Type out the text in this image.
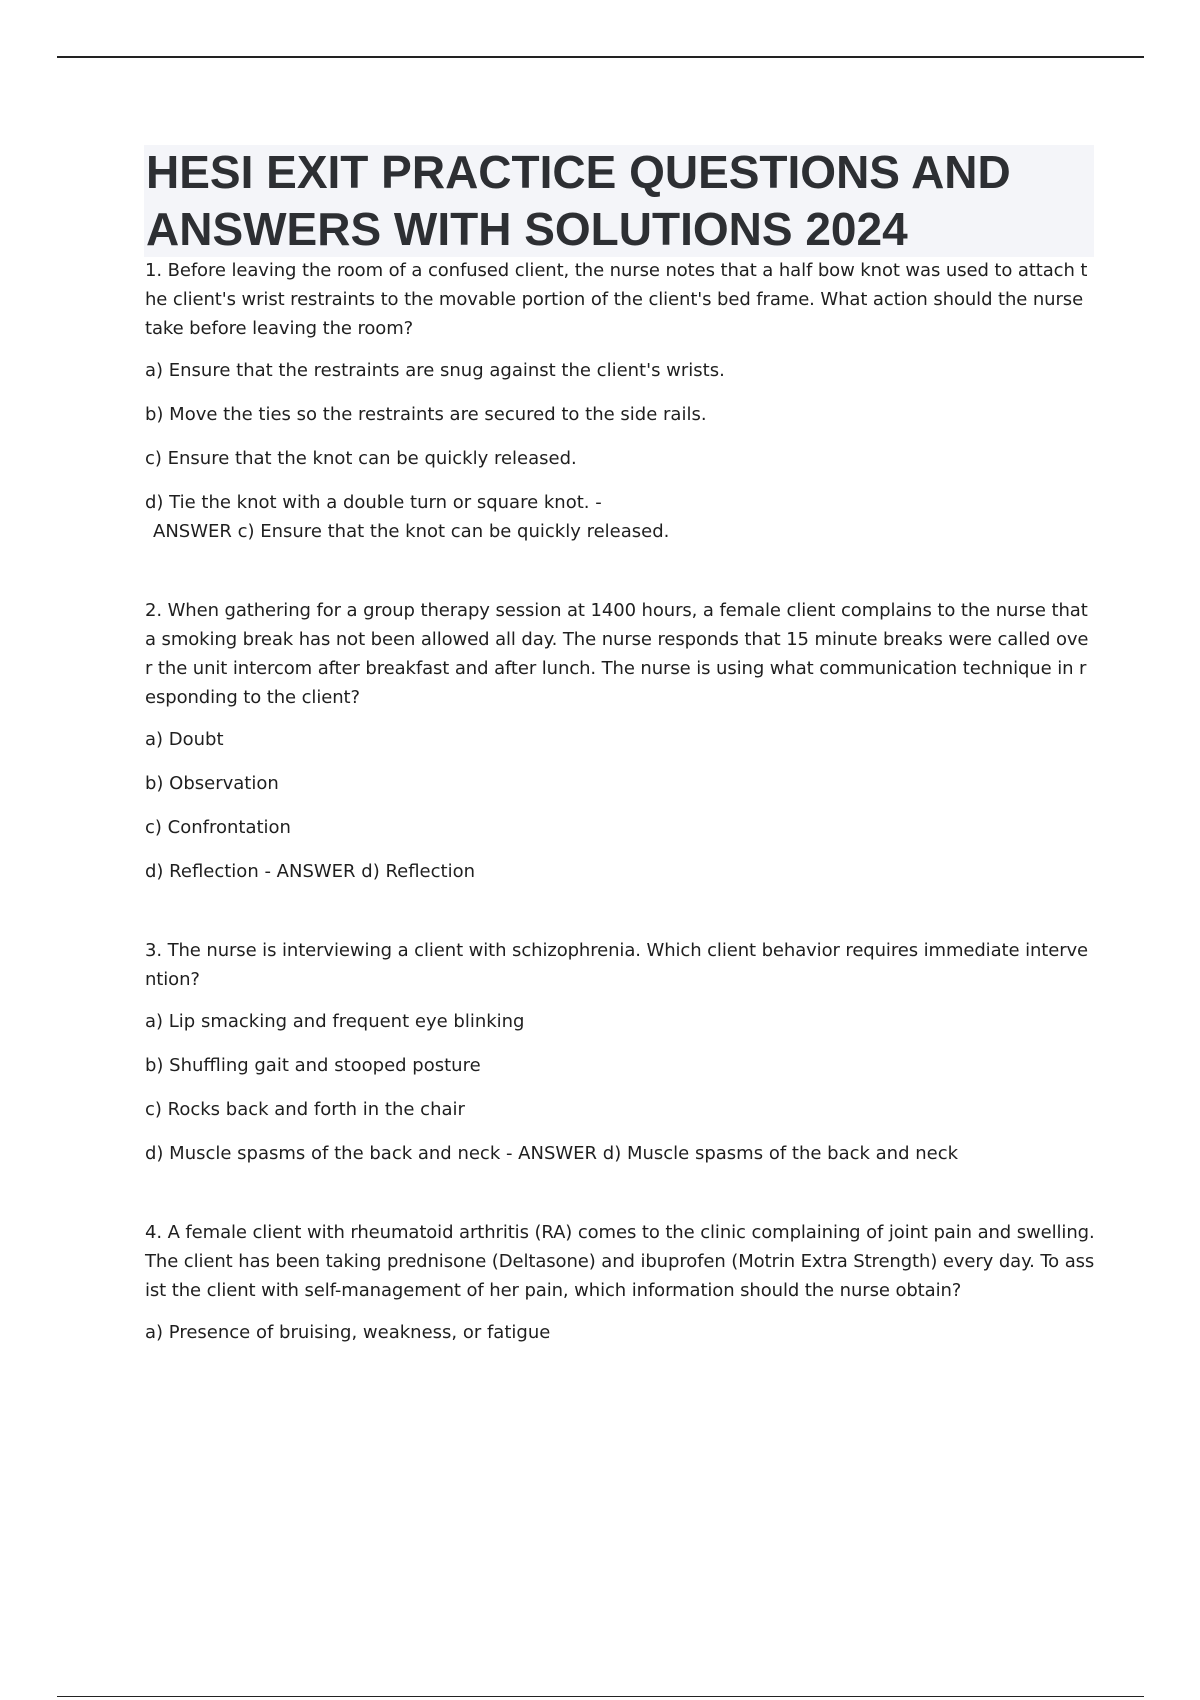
HESI EXIT PRACTICE QUESTIONS AND ANSWERS WITH SOLUTIONS 2024

1. Before leaving the room of a confused client, the nurse notes that a half bow knot was used to attach the client's wrist restraints to the movable portion of the client's bed frame. What action should the nurse take before leaving the room?

a) Ensure that the restraints are snug against the client's wrists.

b) Move the ties so the restraints are secured to the side rails.

c) Ensure that the knot can be quickly released.

d) Tie the knot with a double turn or square knot. -

ANSWER c) Ensure that the knot can be quickly released.

2. When gathering for a group therapy session at 1400 hours, a female client complains to the nurse that a smoking break has not been allowed all day. The nurse responds that 15 minute breaks were called over the unit intercom after breakfast and after lunch. The nurse is using what communication technique in responding to the client?

a) Doubt

b) Observation

c) Confrontation

d) Reflection - ANSWER d) Reflection

3. The nurse is interviewing a client with schizophrenia. Which client behavior requires immediate intervention?

a) Lip smacking and frequent eye blinking

b) Shuffling gait and stooped posture

c) Rocks back and forth in the chair

d) Muscle spasms of the back and neck - ANSWER d) Muscle spasms of the back and neck

4. A female client with rheumatoid arthritis (RA) comes to the clinic complaining of joint pain and swelling. The client has been taking prednisone (Deltasone) and ibuprofen (Motrin Extra Strength) every day. To assist the client with self-management of her pain, which information should the nurse obtain?

a) Presence of bruising, weakness, or fatigue
